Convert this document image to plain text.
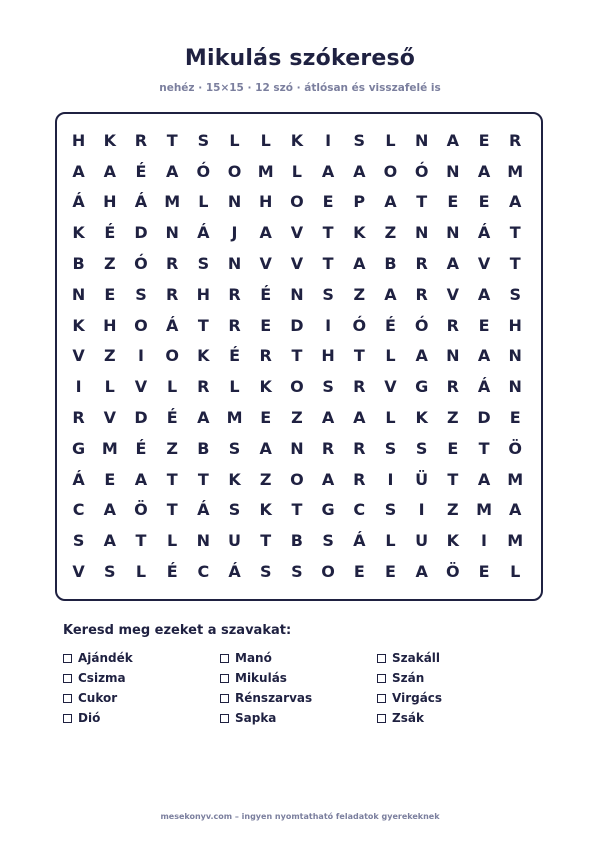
Mikulás szókereső
nehéz · 15×15 · 12 szó · átlósan és visszafelé is
H	K	R	T	S	L	L	K	I	S	L	N	A	E	R
A	A	É	A	Ó	O	M	L	A	A	O	Ó	N	A	M
Á	H	Á	M	L	N	H	O	E	P	A	T	E	E	A
K	É	D	N	Á	J	A	V	T	K	Z	N	N	Á	T
B	Z	Ó	R	S	N	V	V	T	A	B	R	A	V	T
N	E	S	R	H	R	É	N	S	Z	A	R	V	A	S
K	H	O	Á	T	R	E	D	I	Ó	É	Ó	R	E	H
V	Z	I	O	K	É	R	T	H	T	L	A	N	A	N
I	L	V	L	R	L	K	O	S	R	V	G	R	Á	N
R	V	D	É	A	M	E	Z	A	A	L	K	Z	D	E
G	M	É	Z	B	S	A	N	R	R	S	S	E	T	Ö
Á	E	A	T	T	K	Z	O	A	R	I	Ü	T	A	M
C	A	Ö	T	Á	S	K	T	G	C	S	I	Z	M	A
S	A	T	L	N	U	T	B	S	Á	L	U	K	I	M
V	S	L	É	C	Á	S	S	O	E	E	A	Ö	E	L
Keresd meg ezeket a szavakat:
Ajándék	Manó	Szakáll
Csizma	Mikulás	Szán
Cukor	Rénszarvas	Virgács
Dió	Sapka	Zsák
mesekonyv.com – ingyen nyomtatható feladatok gyerekeknek
